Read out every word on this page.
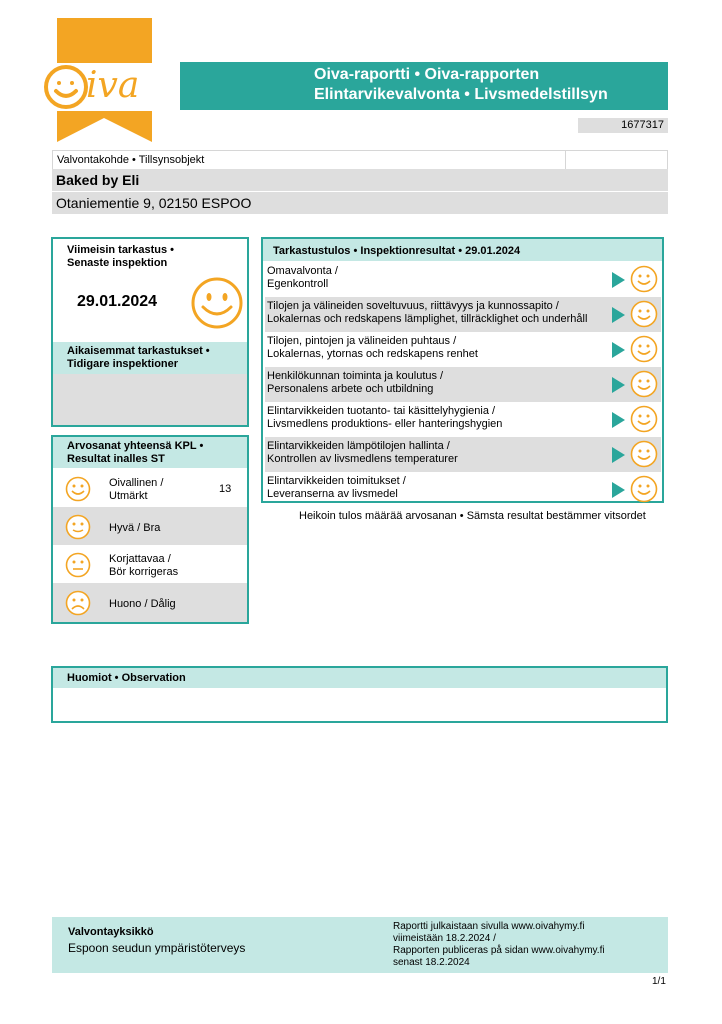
iva	Oiva-raportti • Oiva-rapporten
Elintarvikevalvonta • Livsmedelstillsyn
1677317
Valvontakohde • Tillsynsobjekt
Baked by Eli
Otaniementie 9, 02150 ESPOO
Viimeisin tarkastus •
Senaste inspektion
29.01.2024
Aikaisemmat tarkastukset •
Tidigare inspektioner
Arvosanat yhteensä KPL •
Resultat inalles ST
Oivallinen /
Utmärkt
13
Hyvä / Bra
Korjattavaa /
Bör korrigeras
Huono / Dålig
Tarkastustulos • Inspektionresultat • 29.01.2024
Omavalvonta /
Egenkontroll
Tilojen ja välineiden soveltuvuus, riittävyys ja kunnossapito /
Lokalernas och redskapens lämplighet, tillräcklighet och underhåll
Tilojen, pintojen ja välineiden puhtaus /
Lokalernas, ytornas och redskapens renhet
Henkilökunnan toiminta ja koulutus /
Personalens arbete och utbildning
Elintarvikkeiden tuotanto- tai käsittelyhygienia /
Livsmedlens produktions- eller hanteringshygien
Elintarvikkeiden lämpötilojen hallinta /
Kontrollen av livsmedlens temperaturer
Elintarvikkeiden toimitukset /
Leveranserna av livsmedel
Heikoin tulos määrää arvosanan • Sämsta resultat bestämmer vitsordet
Huomiot • Observation
Valvontayksikkö
Espoon seudun ympäristöterveys
Raportti julkaistaan sivulla www.oivahymy.fi
viimeistään 18.2.2024 /
Rapporten publiceras på sidan www.oivahymy.fi
senast 18.2.2024
1/1
